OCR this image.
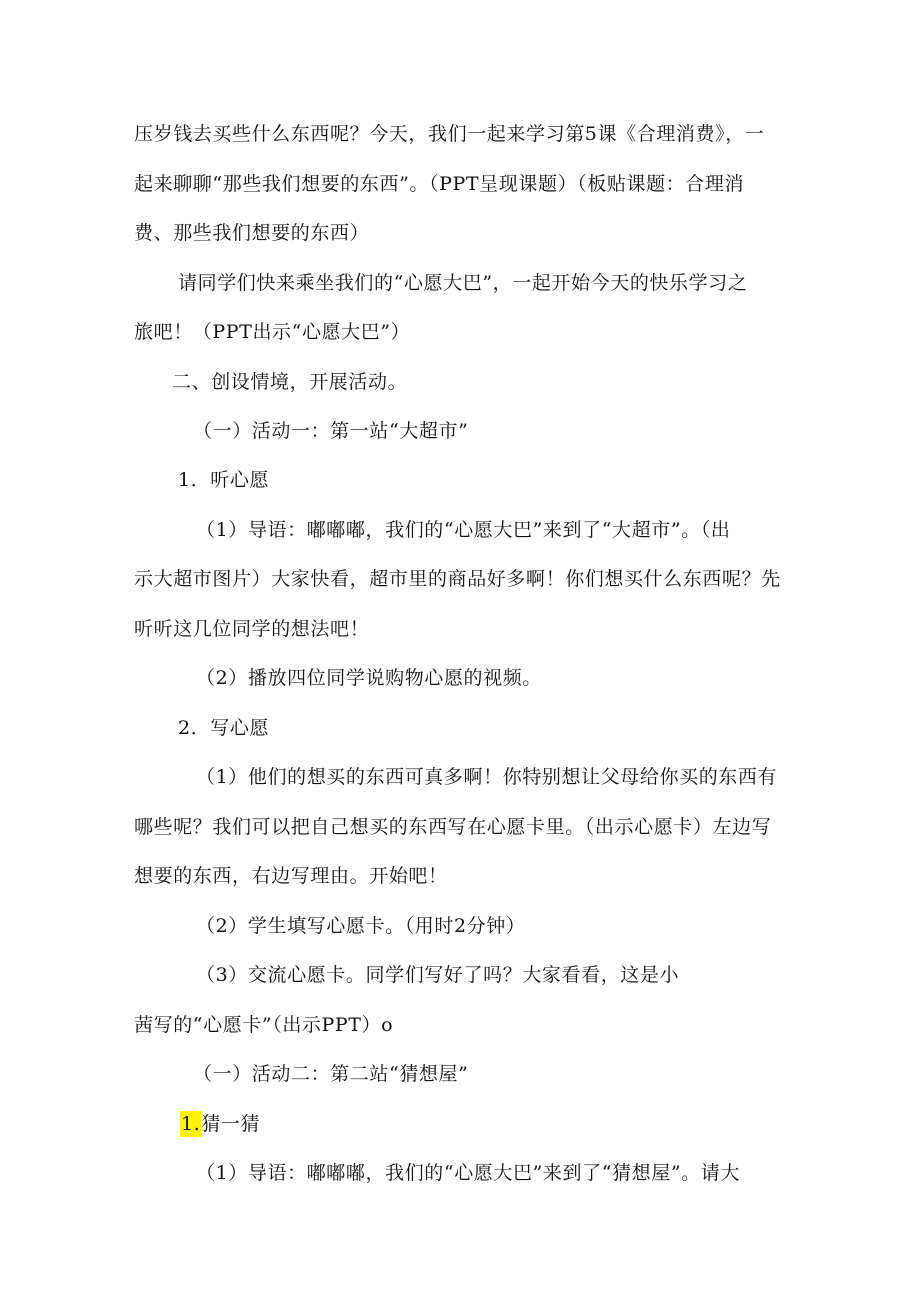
压岁钱去买些什么东西呢？今天，我们一起来学习第5课《合理消费》，一
起来聊聊“那些我们想要的东西”。（PPT呈现课题）（板贴课题：合理消
费、那些我们想要的东西）
请同学们快来乘坐我们的“心愿大巴”，一起开始今天的快乐学习之
旅吧！（PPT出示“心愿大巴”）
二、创设情境，开展活动。
（一）活动一：第一站“大超市”
1．听心愿
（1）导语：嘟嘟嘟，我们的“心愿大巴”来到了“大超市”。（出
示大超市图片）大家快看，超市里的商品好多啊！你们想买什么东西呢？先
听听这几位同学的想法吧！
（2）播放四位同学说购物心愿的视频。
2．写心愿
（1）他们的想买的东西可真多啊！你特别想让父母给你买的东西有
哪些呢？我们可以把自己想买的东西写在心愿卡里。（出示心愿卡）左边写
想要的东西，右边写理由。开始吧！
（2）学生填写心愿卡。（用时2分钟）
（3）交流心愿卡。同学们写好了吗？大家看看，这是小
茜写的“心愿卡”（出示PPT）o
（一）活动二：第二站“猜想屋”
1.猜一猜
（1）导语：嘟嘟嘟，我们的“心愿大巴”来到了“猜想屋”。请大
